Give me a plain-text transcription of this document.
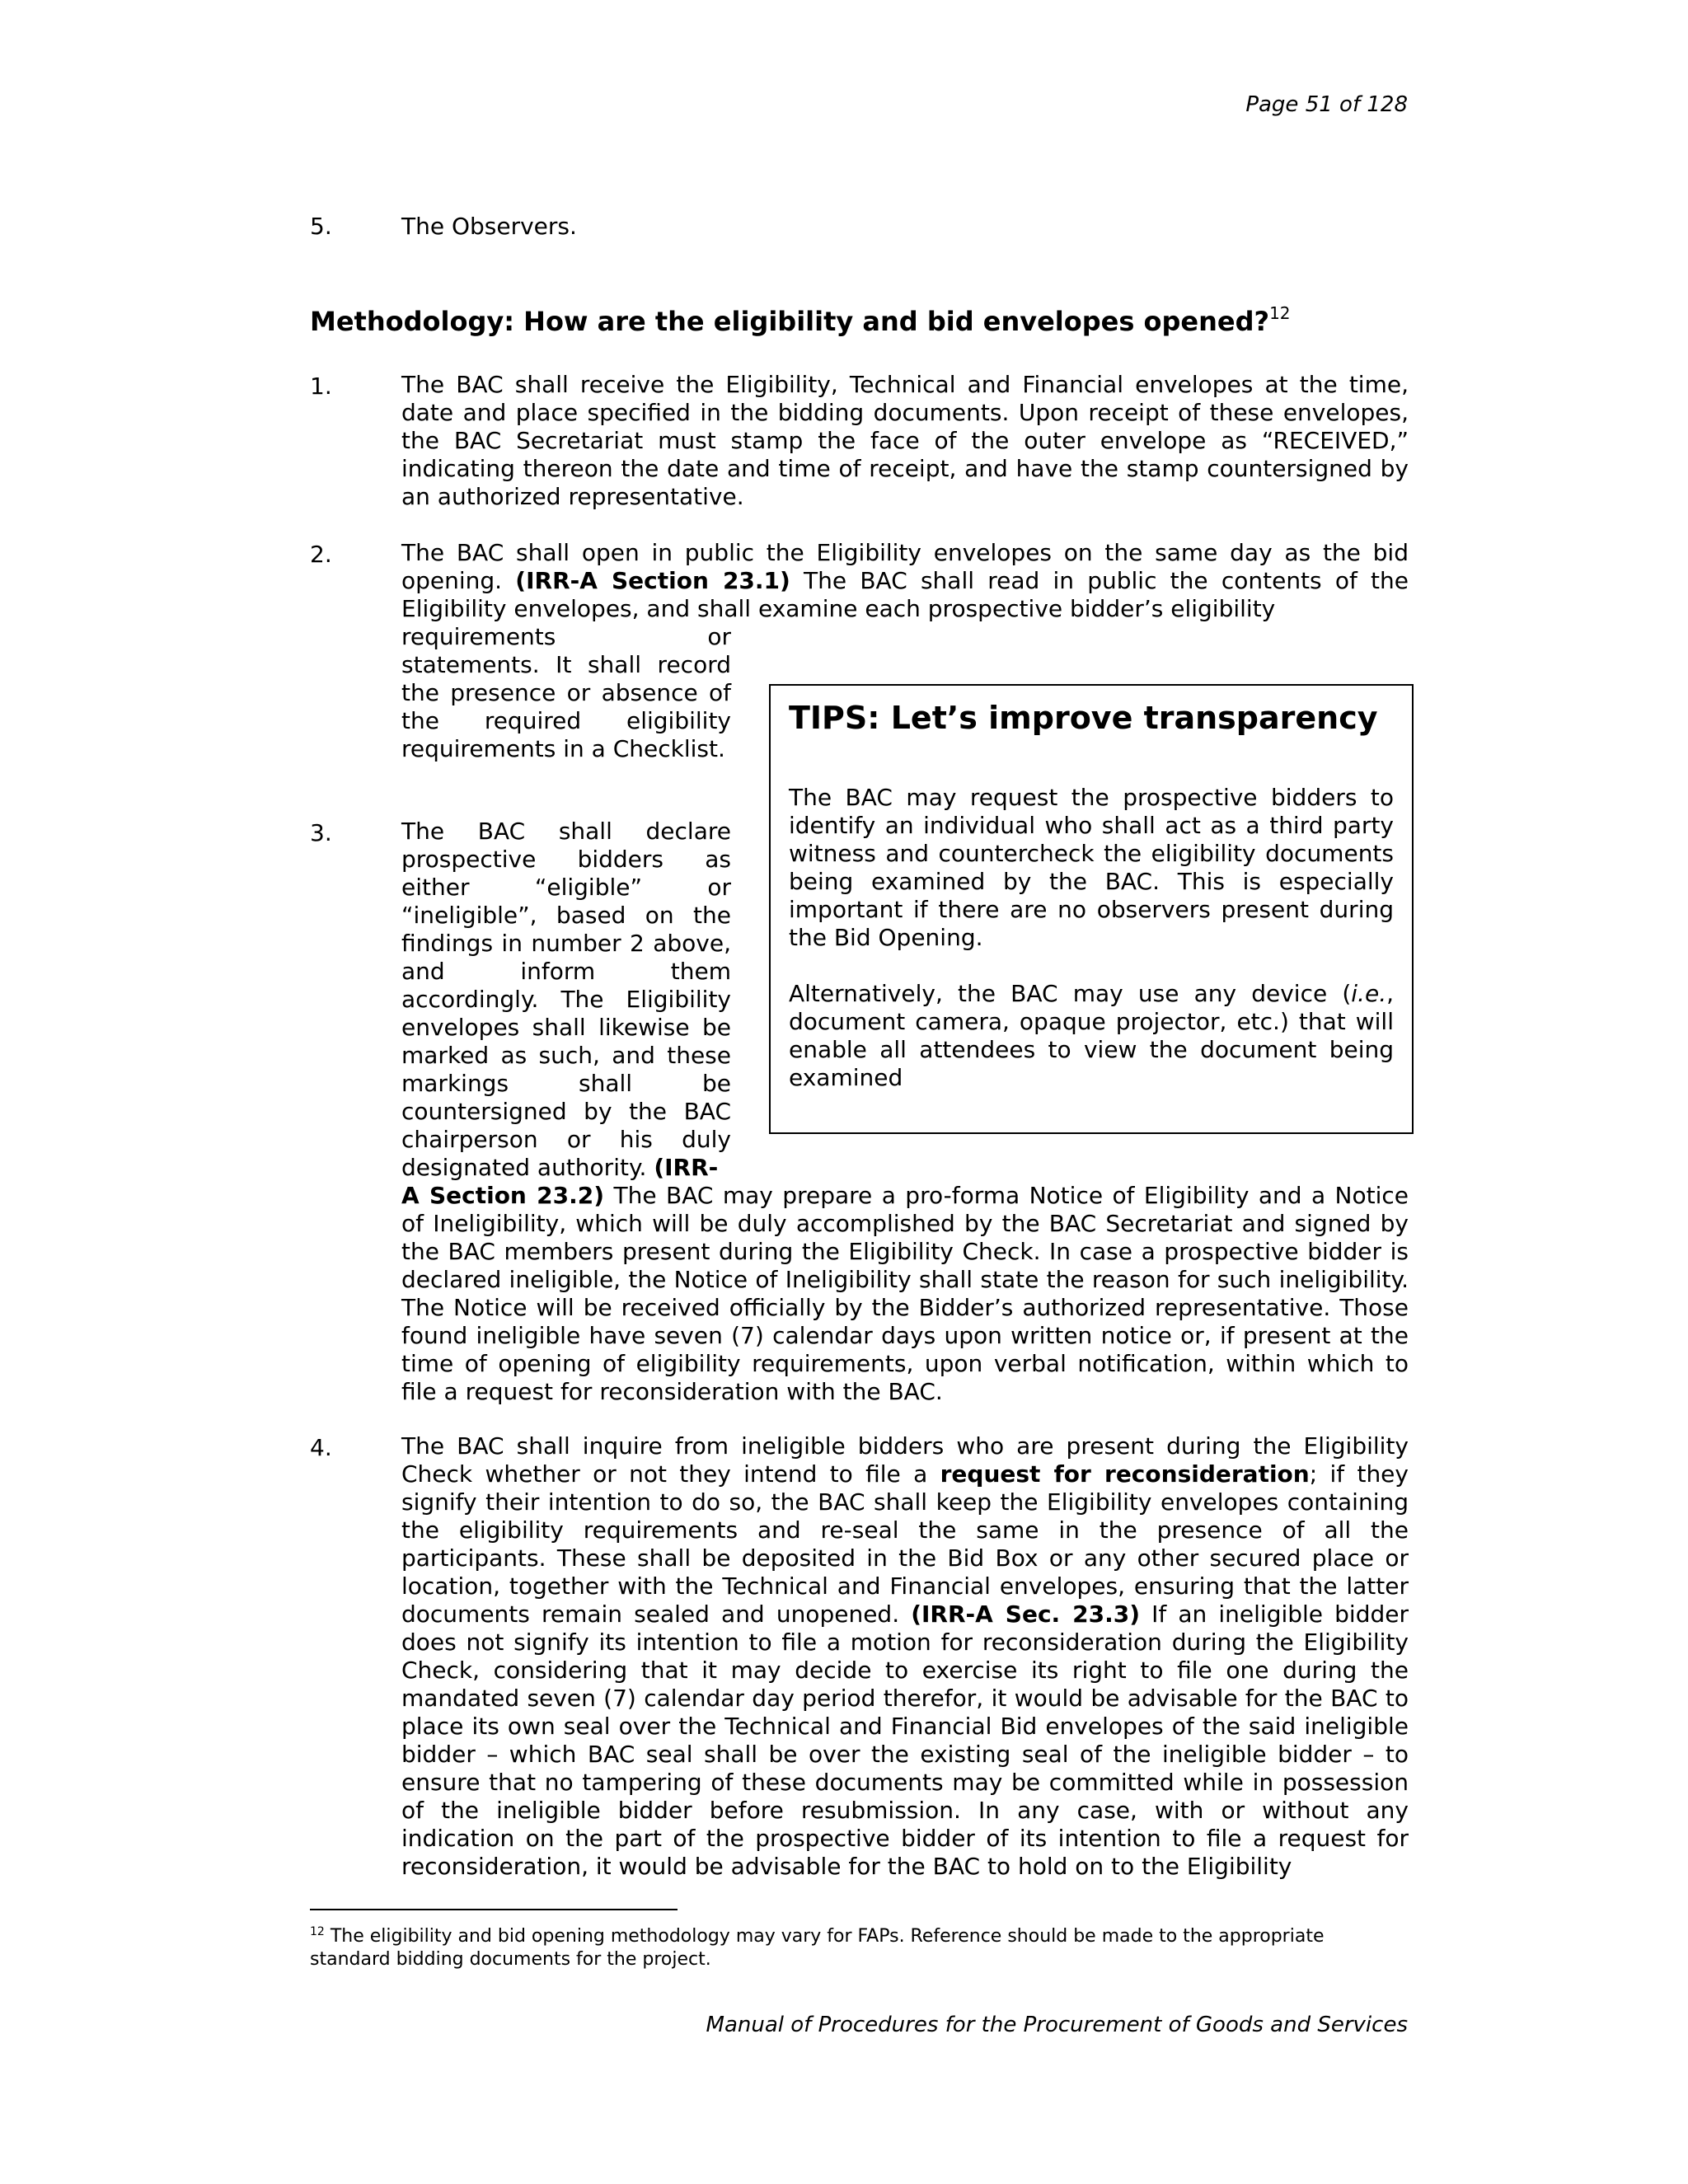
Page 51 of 128
5.	The Observers.
Methodology: How are the eligibility and bid envelopes opened?$^{12}$
1.	The BAC shall receive the Eligibility, Technical and Financial envelopes at the time, date and place specified in the bidding documents. Upon receipt of these envelopes, the BAC Secretariat must stamp the face of the outer envelope as “RECEIVED,” indicating thereon the date and time of receipt, and have the stamp countersigned by an authorized representative.
2.	The BAC shall open in public the Eligibility envelopes on the same day as the bid opening. (IRR-A Section 23.1) The BAC shall read in public the contents of the Eligibility envelopes, and shall examine each prospective bidder’s eligibility
requirements or statements. It shall record the presence or absence of the required eligibility requirements in a Checklist.
3.	The BAC shall declare prospective bidders as either “eligible” or “ineligible”, based on the findings in number 2 above, and inform them accordingly. The Eligibility envelopes shall likewise be marked as such, and these markings shall be countersigned by the BAC chairperson or his duly designated authority. (IRR-
A Section 23.2) The BAC may prepare a pro-forma Notice of Eligibility and a Notice of Ineligibility, which will be duly accomplished by the BAC Secretariat and signed by the BAC members present during the Eligibility Check. In case a prospective bidder is declared ineligible, the Notice of Ineligibility shall state the reason for such ineligibility. The Notice will be received officially by the Bidder’s authorized representative. Those found ineligible have seven (7) calendar days upon written notice or, if present at the time of opening of eligibility requirements, upon verbal notification, within which to file a request for reconsideration with the BAC.
TIPS: Let’s improve transparency

The BAC may request the prospective bidders to identify an individual who shall act as a third party witness and countercheck the eligibility documents being examined by the BAC. This is especially important if there are no observers present during the Bid Opening.

Alternatively, the BAC may use any device (i.e., document camera, opaque projector, etc.) that will enable all attendees to view the document being examined

4.	The BAC shall inquire from ineligible bidders who are present during the Eligibility Check whether or not they intend to file a request for reconsideration; if they signify their intention to do so, the BAC shall keep the Eligibility envelopes containing the eligibility requirements and re-seal the same in the presence of all the participants. These shall be deposited in the Bid Box or any other secured place or location, together with the Technical and Financial envelopes, ensuring that the latter documents remain sealed and unopened. (IRR-A Sec. 23.3) If an ineligible bidder does not signify its intention to file a motion for reconsideration during the Eligibility Check, considering that it may decide to exercise its right to file one during the mandated seven (7) calendar day period therefor, it would be advisable for the BAC to place its own seal over the Technical and Financial Bid envelopes of the said ineligible bidder – which BAC seal shall be over the existing seal of the ineligible bidder – to ensure that no tampering of these documents may be committed while in possession of the ineligible bidder before resubmission. In any case, with or without any indication on the part of the prospective bidder of its intention to file a request for reconsideration, it would be advisable for the BAC to hold on to the Eligibility
$^{12}$ The eligibility and bid opening methodology may vary for FAPs. Reference should be made to the appropriate standard bidding documents for the project.
Manual of Procedures for the Procurement of Goods and Services
